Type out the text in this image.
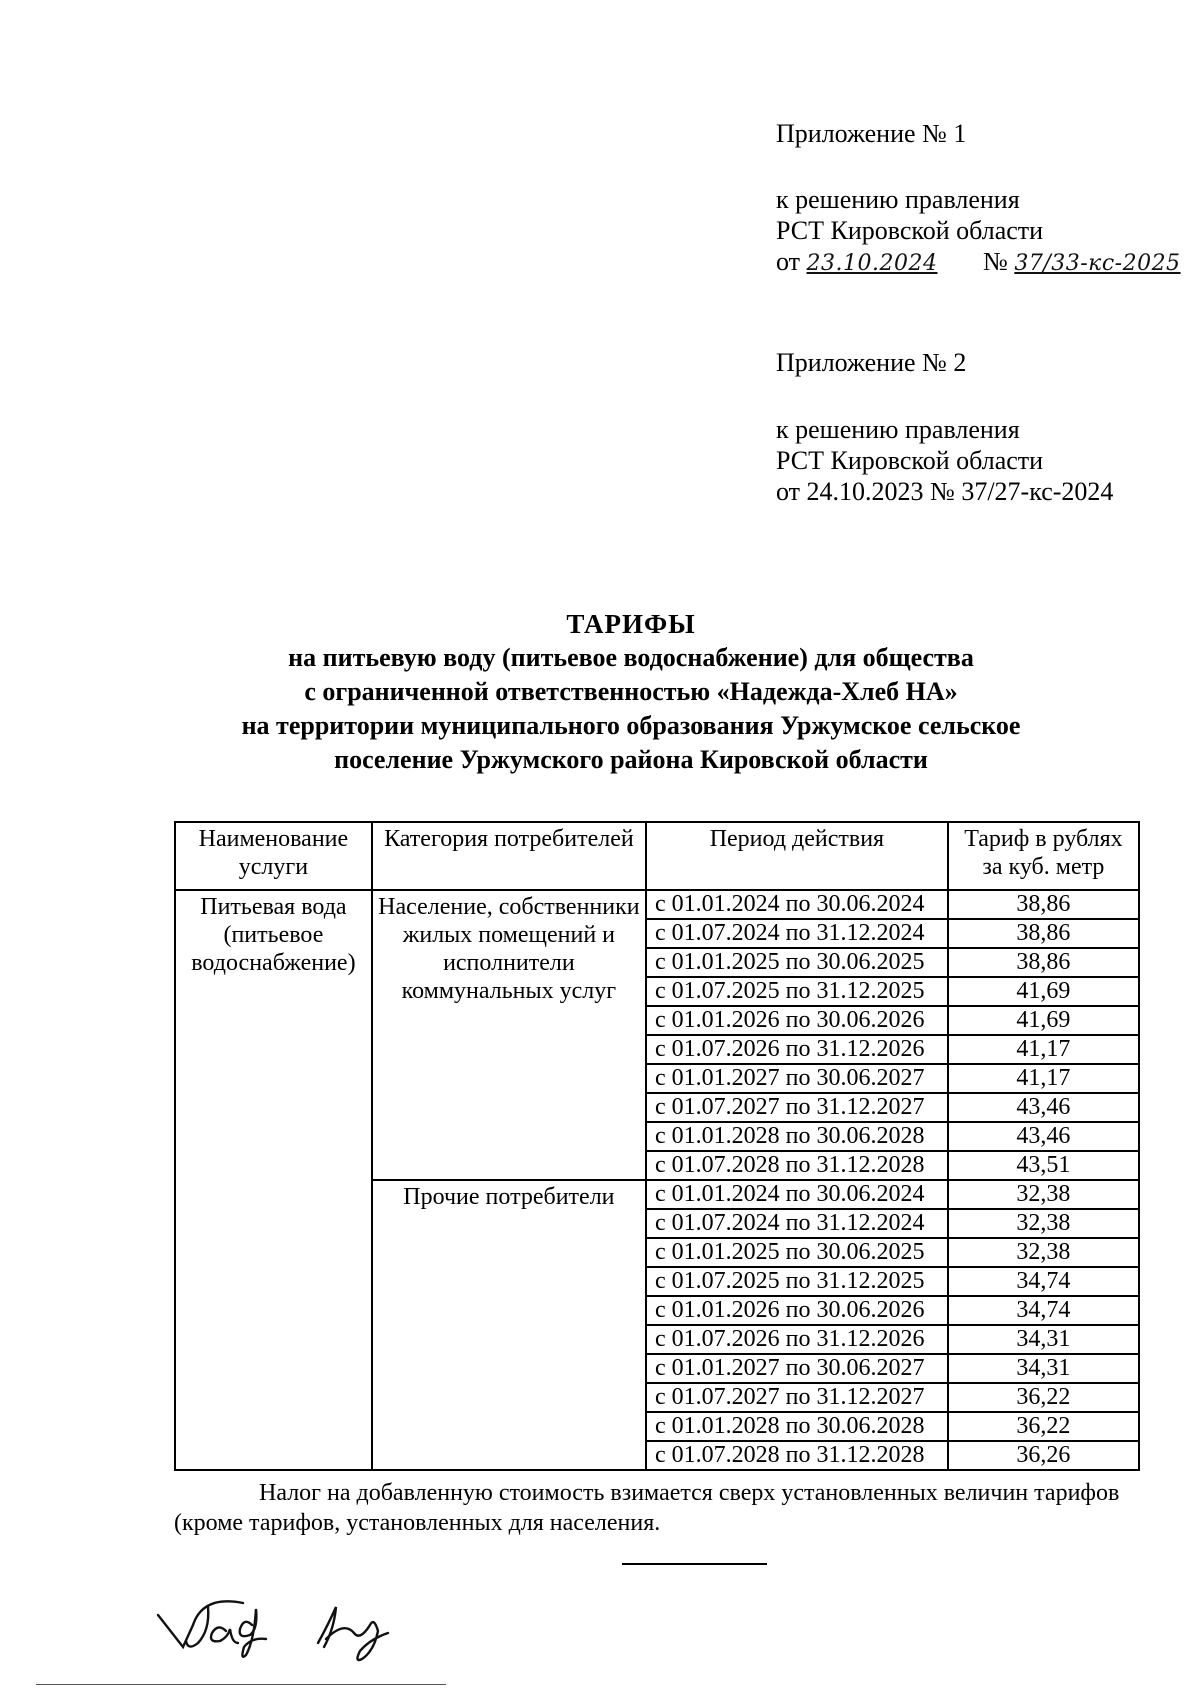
Приложение № 1
к решению правления
РСТ Кировской области
от 23.10.2024 № 37/33-кс-2025
Приложение № 2
к решению правления
РСТ Кировской области
от 24.10.2023 № 37/27-кс-2024
ТАРИФЫ
на питьевую воду (питьевое водоснабжение) для общества
с ограниченной ответственностью «Надежда-Хлеб НА»
на территории муниципального образования Уржумское сельское
поселение Уржумского района Кировской области
Наименование услуги	Категория потребителей	Период действия	Тариф в рублях за куб. метр
Питьевая вода (питьевое водоснабжение)	Население, собственники жилых помещений и исполнители коммунальных услуг	с 01.01.2024 по 30.06.2024	38,86
		с 01.07.2024 по 31.12.2024	38,86
		с 01.01.2025 по 30.06.2025	38,86
		с 01.07.2025 по 31.12.2025	41,69
		с 01.01.2026 по 30.06.2026	41,69
		с 01.07.2026 по 31.12.2026	41,17
		с 01.01.2027 по 30.06.2027	41,17
		с 01.07.2027 по 31.12.2027	43,46
		с 01.01.2028 по 30.06.2028	43,46
		с 01.07.2028 по 31.12.2028	43,51
	Прочие потребители	с 01.01.2024 по 30.06.2024	32,38
		с 01.07.2024 по 31.12.2024	32,38
		с 01.01.2025 по 30.06.2025	32,38
		с 01.07.2025 по 31.12.2025	34,74
		с 01.01.2026 по 30.06.2026	34,74
		с 01.07.2026 по 31.12.2026	34,31
		с 01.01.2027 по 30.06.2027	34,31
		с 01.07.2027 по 31.12.2027	36,22
		с 01.01.2028 по 30.06.2028	36,22
		с 01.07.2028 по 31.12.2028	36,26
Налог на добавленную стоимость взимается сверх установленных величин тарифов
(кроме тарифов, установленных для населения.
